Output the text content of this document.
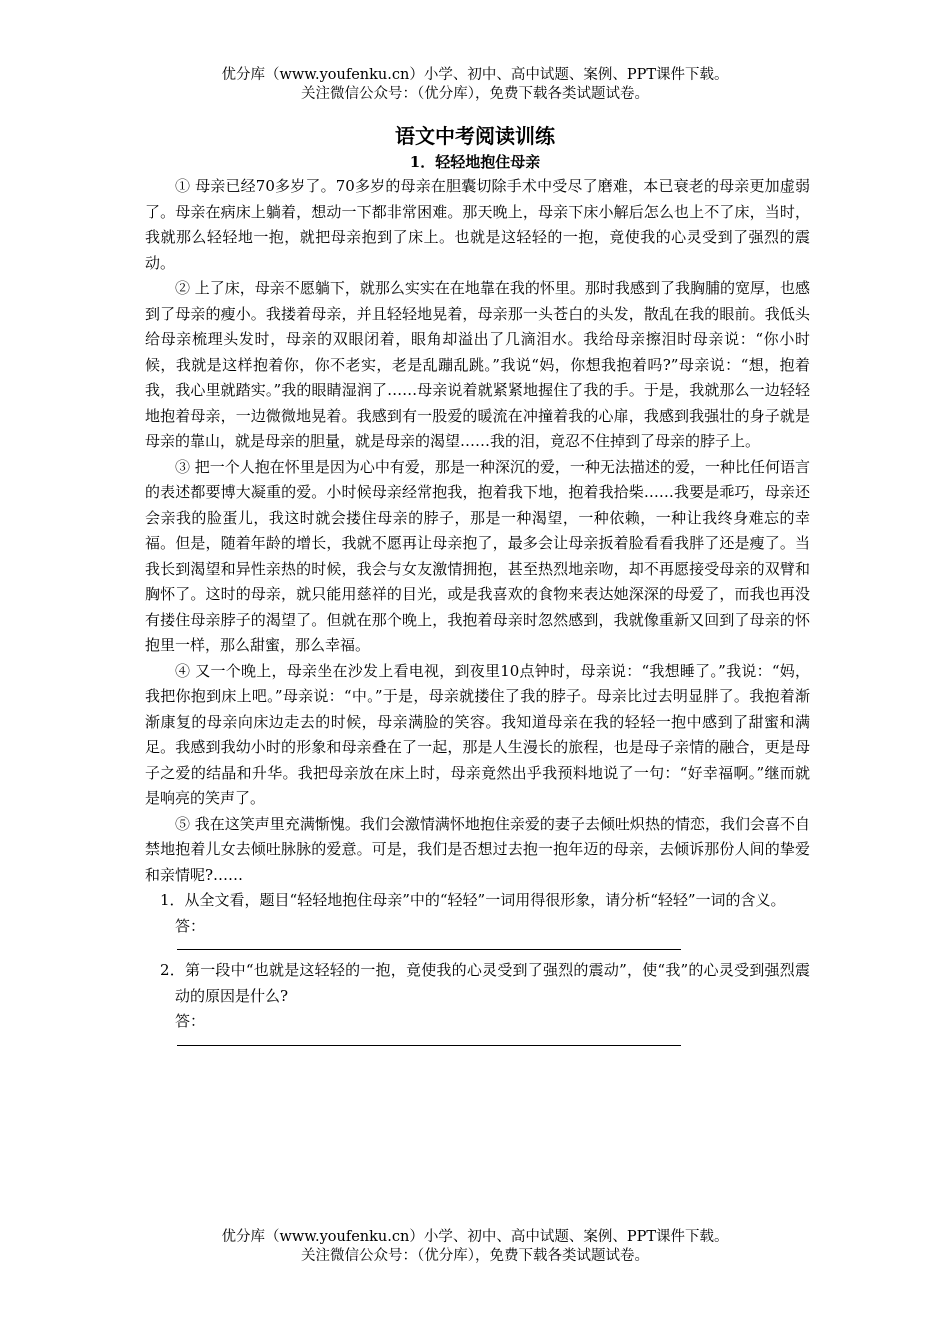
优分库（www.youfenku.cn）小学、初中、高中试题、案例、PPT课件下载。
关注微信公众号：（优分库），免费下载各类试题试卷。
语文中考阅读训练
1．轻轻地抱住母亲

① 母亲已经70多岁了。70多岁的母亲在胆囊切除手术中受尽了磨难，本已衰老的母亲更加虚弱了。母亲在病床上躺着，想动一下都非常困难。那天晚上，母亲下床小解后怎么也上不了床，当时，我就那么轻轻地一抱，就把母亲抱到了床上。也就是这轻轻的一抱，竟使我的心灵受到了强烈的震动。

② 上了床，母亲不愿躺下，就那么实实在在地靠在我的怀里。那时我感到了我胸脯的宽厚，也感到了母亲的瘦小。我搂着母亲，并且轻轻地晃着，母亲那一头苍白的头发，散乱在我的眼前。我低头给母亲梳理头发时，母亲的双眼闭着，眼角却溢出了几滴泪水。我给母亲擦泪时母亲说：“你小时候，我就是这样抱着你，你不老实，老是乱蹦乱跳。”我说“妈，你想我抱着吗?”母亲说：“想，抱着我，我心里就踏实。”我的眼睛湿润了……母亲说着就紧紧地握住了我的手。于是，我就那么一边轻轻地抱着母亲，一边微微地晃着。我感到有一股爱的暖流在冲撞着我的心扉，我感到我强壮的身子就是母亲的靠山，就是母亲的胆量，就是母亲的渴望……我的泪，竟忍不住掉到了母亲的脖子上。

③ 把一个人抱在怀里是因为心中有爱，那是一种深沉的爱，一种无法描述的爱，一种比任何语言的表述都要博大凝重的爱。小时候母亲经常抱我，抱着我下地，抱着我拾柴……我要是乖巧，母亲还会亲我的脸蛋儿，我这时就会搂住母亲的脖子，那是一种渴望，一种依赖，一种让我终身难忘的幸福。但是，随着年龄的增长，我就不愿再让母亲抱了，最多会让母亲扳着脸看看我胖了还是瘦了。当我长到渴望和异性亲热的时候，我会与女友激情拥抱，甚至热烈地亲吻，却不再愿接受母亲的双臂和胸怀了。这时的母亲，就只能用慈祥的目光，或是我喜欢的食物来表达她深深的母爱了，而我也再没有搂住母亲脖子的渴望了。但就在那个晚上，我抱着母亲时忽然感到，我就像重新又回到了母亲的怀抱里一样，那么甜蜜，那么幸福。

④ 又一个晚上，母亲坐在沙发上看电视，到夜里10点钟时，母亲说：“我想睡了。”我说：“妈，我把你抱到床上吧。”母亲说：“中。”于是，母亲就搂住了我的脖子。母亲比过去明显胖了。我抱着渐渐康复的母亲向床边走去的时候，母亲满脸的笑容。我知道母亲在我的轻轻一抱中感到了甜蜜和满足。我感到我幼小时的形象和母亲叠在了一起，那是人生漫长的旅程，也是母子亲情的融合，更是母子之爱的结晶和升华。我把母亲放在床上时，母亲竟然出乎我预料地说了一句：“好幸福啊。”继而就是响亮的笑声了。

⑤ 我在这笑声里充满惭愧。我们会激情满怀地抱住亲爱的妻子去倾吐炽热的情恋，我们会喜不自禁地抱着儿女去倾吐脉脉的爱意。可是，我们是否想过去抱一抱年迈的母亲，去倾诉那份人间的挚爱和亲情呢?……

1．从全文看，题目“轻轻地抱住母亲”中的“轻轻”一词用得很形象，请分析“轻轻”一词的含义。

答：

2．第一段中“也就是这轻轻的一抱，竟使我的心灵受到了强烈的震动”，使“我”的心灵受到强烈震动的原因是什么?

答：

优分库（www.youfenku.cn）小学、初中、高中试题、案例、PPT课件下载。
关注微信公众号：（优分库），免费下载各类试题试卷。
